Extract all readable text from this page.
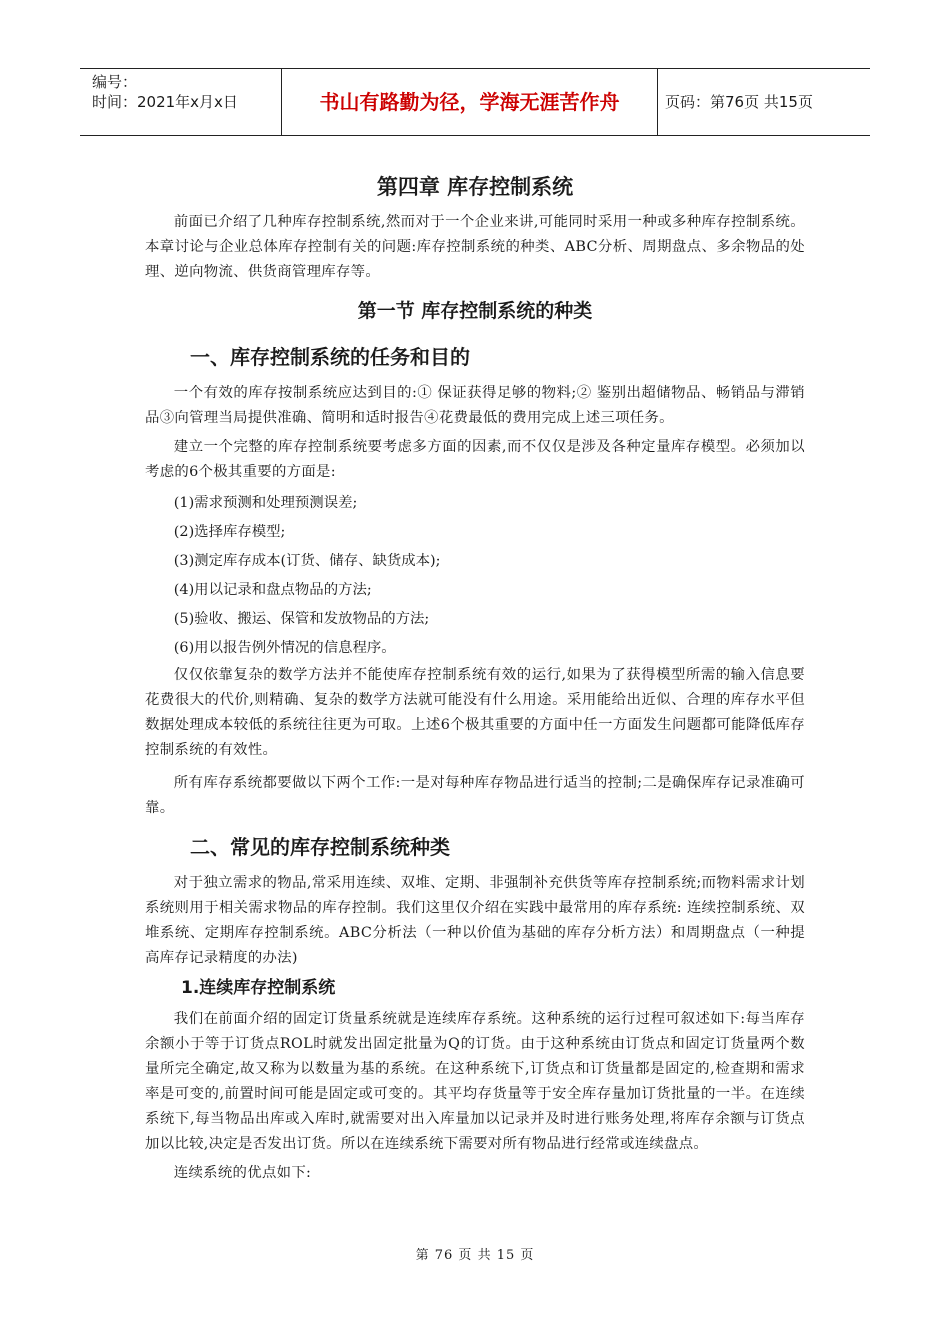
编号：
时间：2021年x月x日	书山有路勤为径，学海无涯苦作舟	页码：第76页 共15页
第四章 库存控制系统

前面已介绍了几种库存控制系统,然而对于一个企业来讲,可能同时采用一种或多种库存控制系统。本章讨论与企业总体库存控制有关的问题:库存控制系统的种类、ABC分析、周期盘点、多余物品的处理、逆向物流、供货商管理库存等。

第一节 库存控制系统的种类
一、库存控制系统的任务和目的

一个有效的库存按制系统应达到目的:① 保证获得足够的物料;② 鉴别出超储物品、畅销品与滞销品③向管理当局提供准确、简明和适时报告④花费最低的费用完成上述三项任务。

建立一个完整的库存控制系统要考虑多方面的因素,而不仅仅是涉及各种定量库存模型。必须加以考虑的6个极其重要的方面是:

(1)需求预测和处理预测误差;

(2)选择库存模型;

(3)测定库存成本(订货、储存、缺货成本);

(4)用以记录和盘点物品的方法;

(5)验收、搬运、保管和发放物品的方法;

(6)用以报告例外情况的信息程序。

仅仅依靠复杂的数学方法并不能使库存控制系统有效的运行,如果为了获得模型所需的输入信息要花费很大的代价,则精确、复杂的数学方法就可能没有什么用途。采用能给出近似、合理的库存水平但数据处理成本较低的系统往往更为可取。上述6个极其重要的方面中任一方面发生问题都可能降低库存控制系统的有效性。

所有库存系统都要做以下两个工作:一是对每种库存物品进行适当的控制;二是确保库存记录准确可靠。

二、常见的库存控制系统种类

对于独立需求的物品,常采用连续、双堆、定期、非强制补充供货等库存控制系统;而物料需求计划系统则用于相关需求物品的库存控制。我们这里仅介绍在实践中最常用的库存系统: 连续控制系统、双堆系统、定期库存控制系统。ABC分析法（一种以价值为基础的库存分析方法）和周期盘点（一种提高库存记录精度的办法)

1.连续库存控制系统

我们在前面介绍的固定订货量系统就是连续库存系统。这种系统的运行过程可叙述如下:每当库存余额小于等于订货点ROL时就发出固定批量为Q的订货。由于这种系统由订货点和固定订货量两个数量所完全确定,故又称为以数量为基的系统。在这种系统下,订货点和订货量都是固定的,检查期和需求率是可变的,前置时间可能是固定或可变的。其平均存货量等于安全库存量加订货批量的一半。在连续系统下,每当物品出库或入库时,就需要对出入库量加以记录并及时进行账务处理,将库存余额与订货点加以比较,决定是否发出订货。所以在连续系统下需要对所有物品进行经常或连续盘点。

连续系统的优点如下:

第 76 页 共 15 页
